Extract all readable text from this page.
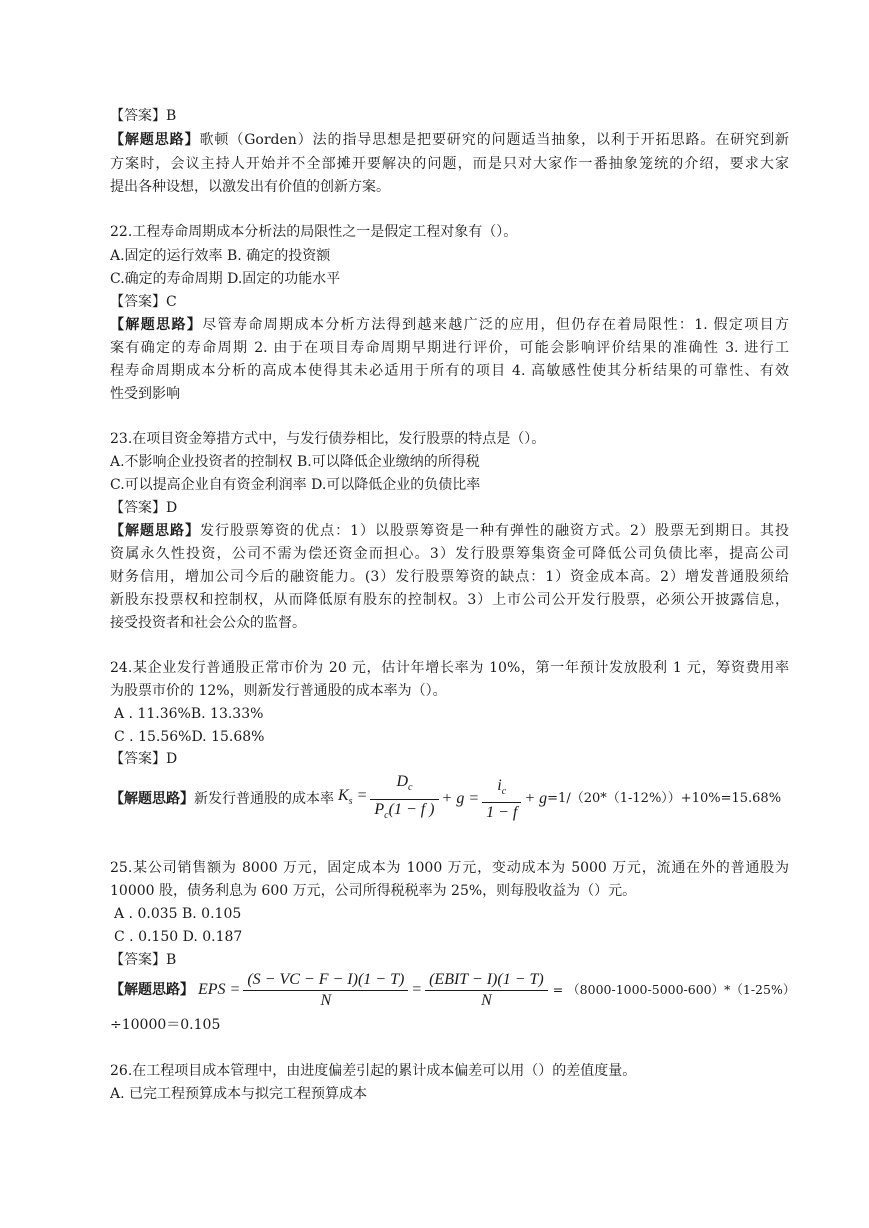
【答案】B
【解题思路】歌顿（Gorden）法的指导思想是把要研究的问题适当抽象，以利于开拓思路。在研究到新
方案时，会议主持人开始并不全部摊开要解决的问题，而是只对大家作一番抽象笼统的介绍，要求大家
提出各种设想，以激发出有价值的创新方案。
22.工程寿命周期成本分析法的局限性之一是假定工程对象有（）。
A.固定的运行效率 B. 确定的投资额
C.确定的寿命周期 D.固定的功能水平
【答案】C
【解题思路】尽管寿命周期成本分析方法得到越来越广泛的应用，但仍存在着局限性：1. 假定项目方
案有确定的寿命周期 2. 由于在项目寿命周期早期进行评价，可能会影响评价结果的准确性 3. 进行工
程寿命周期成本分析的高成本使得其未必适用于所有的项目 4. 高敏感性使其分析结果的可靠性、有效
性受到影响
23.在项目资金筹措方式中，与发行债券相比，发行股票的特点是（）。
A.不影响企业投资者的控制权 B.可以降低企业缴纳的所得税
C.可以提高企业自有资金利润率 D.可以降低企业的负债比率
【答案】D
【解题思路】发行股票筹资的优点：1）以股票筹资是一种有弹性的融资方式。2）股票无到期日。其投
资属永久性投资，公司不需为偿还资金而担心。3）发行股票筹集资金可降低公司负债比率，提高公司
财务信用，增加公司今后的融资能力。(3）发行股票筹资的缺点：1）资金成本高。2）增发普通股须给
新股东投票权和控制权，从而降低原有股东的控制权。3）上市公司公开发行股票，必须公开披露信息，
接受投资者和社会公众的监督。
24.某企业发行普通股正常市价为 20 元，估计年增长率为 10%，第一年预计发放股利 1 元，筹资费用率
为股票市价的 12%，则新发行普通股的成本率为（）。
A . 11.36%B. 13.33%
C . 15.56%D. 15.68%
【答案】D
【解题思路】 新发行普通股的成本率 $K_s = \frac{D_c}{P_c(1 - f )} + g = \frac{i_c}{1 - f} + g =1/(20*(1-12\%))+10\%=15.68\%$
25.某公司销售额为 8000 万元，固定成本为 1000 万元，变动成本为 5000 万元，流通在外的普通股为
10000 股，债务利息为 600 万元，公司所得税税率为 25%，则每股收益为（）元。
A . 0.035 B. 0.105
C . 0.150 D. 0.187
【答案】B
【解题思路】 EPS = $\frac{(S - VC - F - I)(1 - T)}{N} = \frac{\text{(EBIT − I)(1 − T)}}{N} = (8000-1000-5000-600)*(1-25\%)$
÷10000＝0.105
26.在工程项目成本管理中，由进度偏差引起的累计成本偏差可以用（）的差值度量。
A. 已完工程预算成本与拟完工程预算成本
